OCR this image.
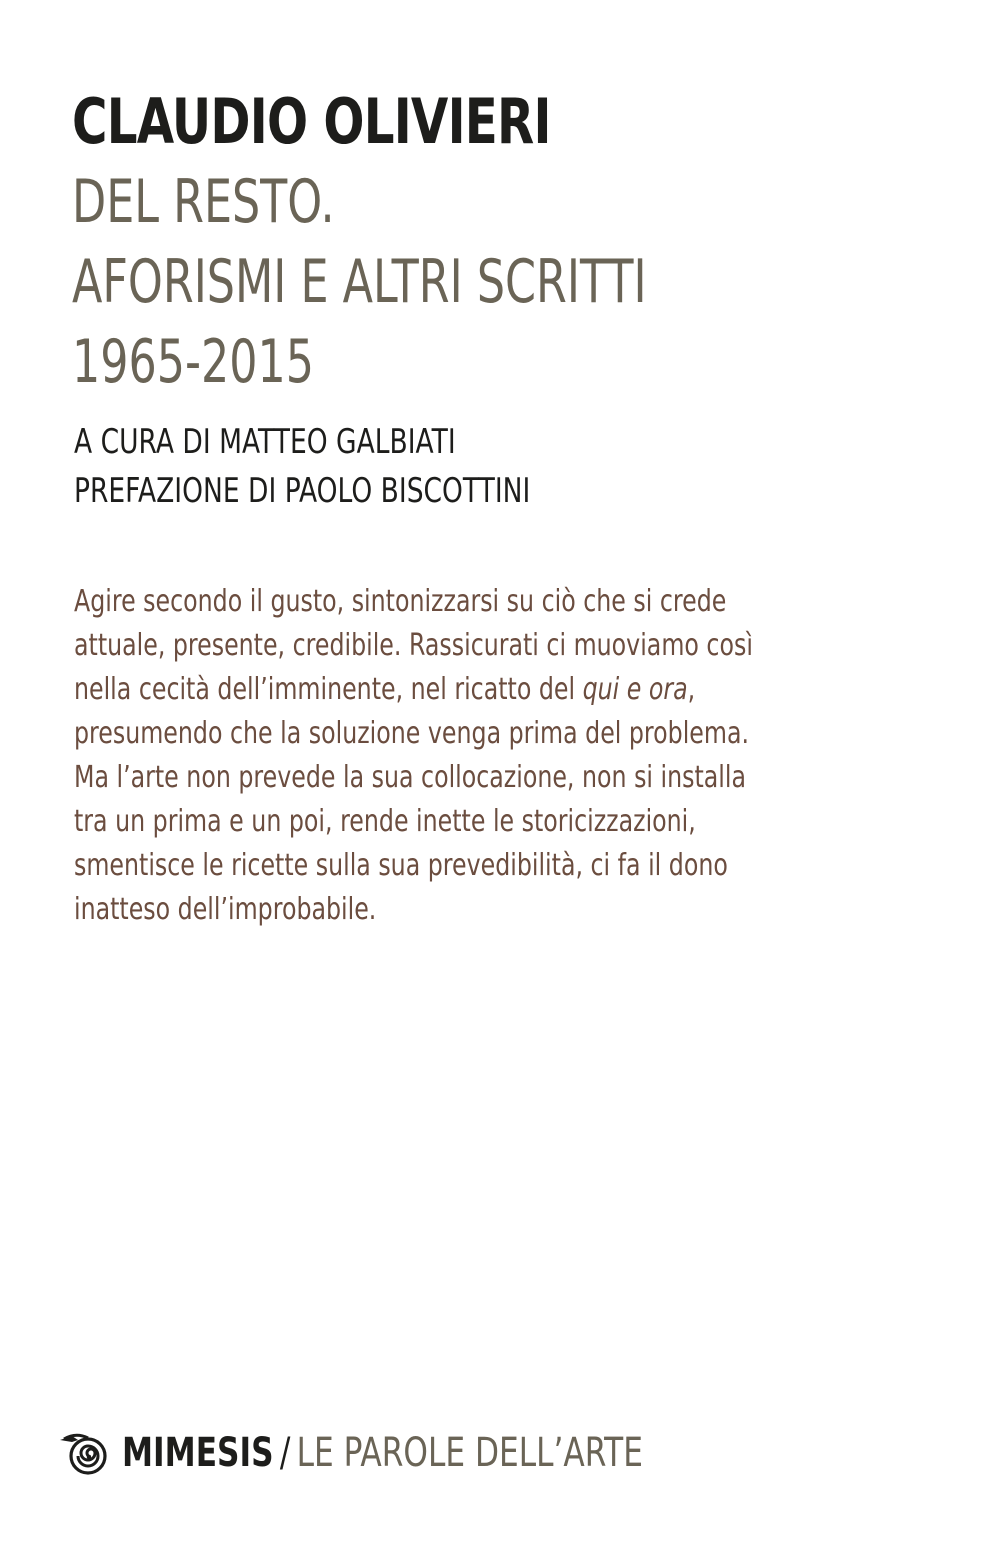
CLAUDIO OLIVIERI
DEL RESTO.
AFORISMI E ALTRI SCRITTI
1965-2015
A CURA DI MATTEO GALBIATI
PREFAZIONE DI PAOLO BISCOTTINI
Agire secondo il gusto, sintonizzarsi su ciò che si crede
attuale, presente, credibile. Rassicurati ci muoviamo così
nella cecità dell’imminente, nel ricatto del qui e ora,
presumendo che la soluzione venga prima del problema.
Ma l’arte non prevede la sua collocazione, non si installa
tra un prima e un poi, rende inette le storicizzazioni,
smentisce le ricette sulla sua prevedibilità, ci fa il dono
inatteso dell’improbabile.
MIMESIS / LE PAROLE DELL’ARTE
